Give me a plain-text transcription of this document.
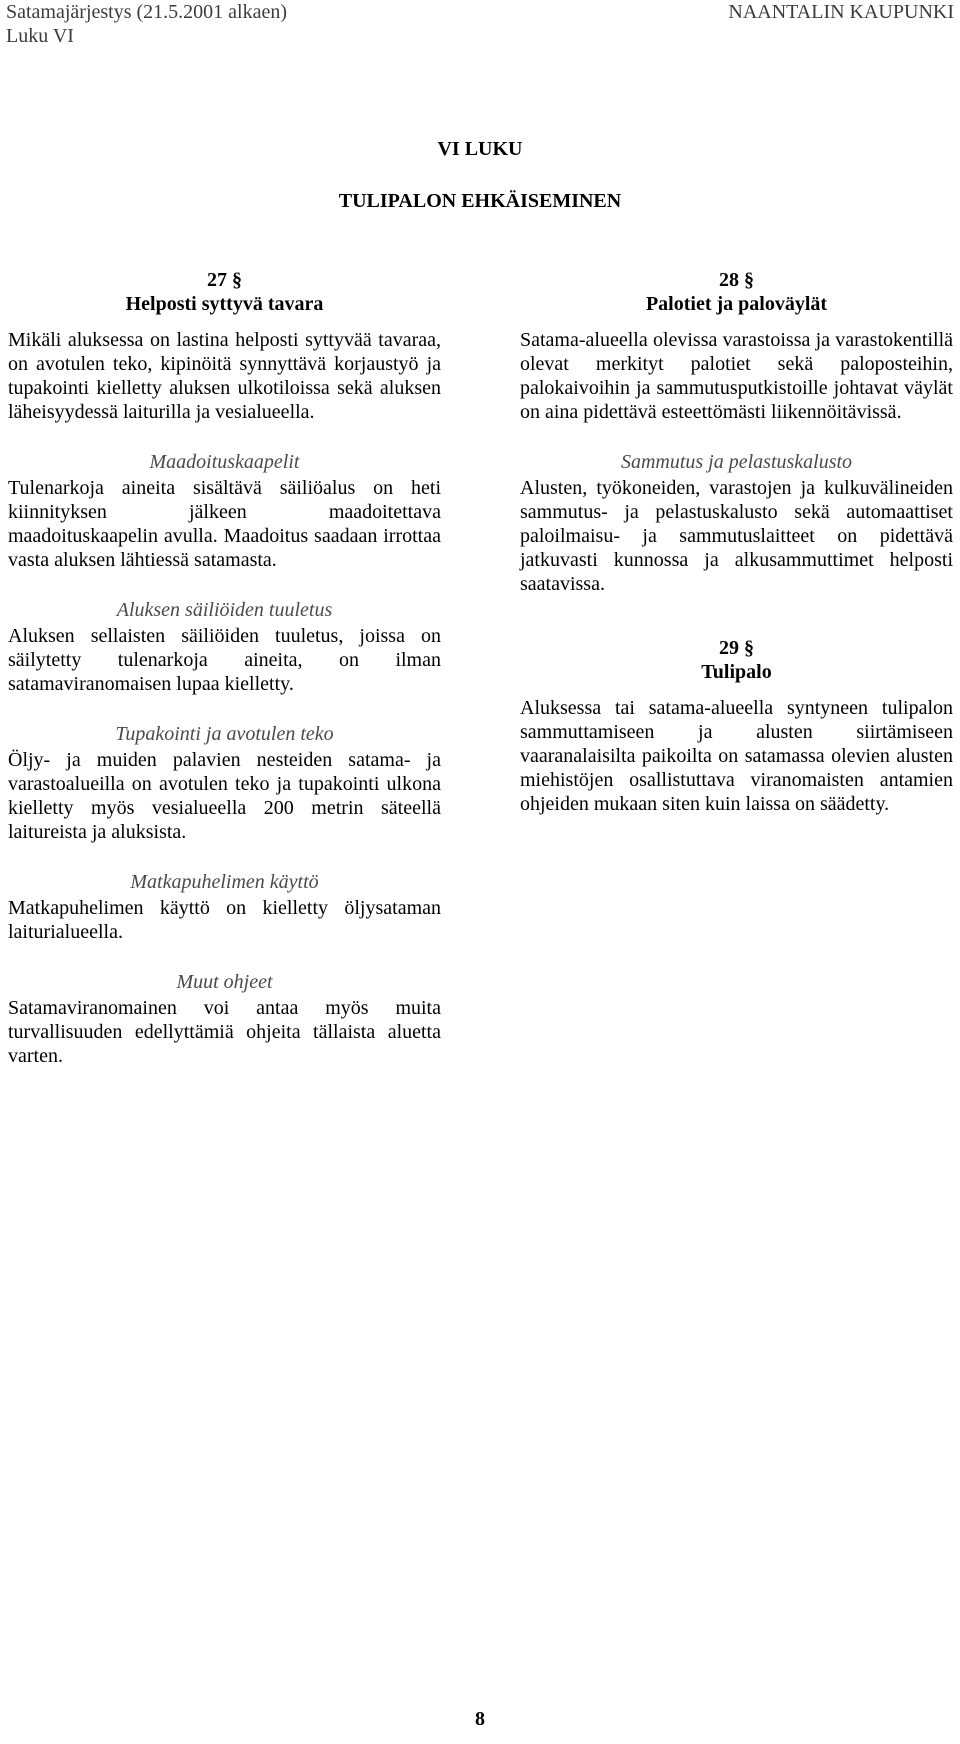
Satamajärjestys (21.5.2001 alkaen)
Luku VI
NAANTALIN KAUPUNKI
VI LUKU
TULIPALON EHKÄISEMINEN
27 §
Helposti syttyvä tavara

Mikäli aluksessa on lastina helposti syttyvää tavaraa, on avotulen teko, kipinöitä synnyttävä korjaustyö ja tupakointi kielletty aluksen ulkotiloissa sekä aluksen läheisyydessä laiturilla ja vesialueella.

Maadoituskaapelit

Tulenarkoja aineita sisältävä säiliöalus on heti kiinnityksen jälkeen maadoitettava maadoituskaapelin avulla. Maadoitus saadaan irrottaa vasta aluksen lähtiessä satamasta.

Aluksen säiliöiden tuuletus

Aluksen sellaisten säiliöiden tuuletus, joissa on säilytetty tulenarkoja aineita, on ilman satamaviranomaisen lupaa kielletty.

Tupakointi ja avotulen teko

Öljy- ja muiden palavien nesteiden satama- ja varastoalueilla on avotulen teko ja tupakointi ulkona kielletty myös vesialueella 200 metrin säteellä laitureista ja aluksista.

Matkapuhelimen käyttö

Matkapuhelimen käyttö on kielletty öljysataman laiturialueella.

Muut ohjeet

Satamaviranomainen voi antaa myös muita turvallisuuden edellyttämiä ohjeita tällaista aluetta varten.

28 §
Palotiet ja paloväylät

Satama-alueella olevissa varastoissa ja varastokentillä olevat merkityt palotiet sekä paloposteihin, palokaivoihin ja sammutusputkistoille johtavat väylät on aina pidettävä esteettömästi liikennöitävissä.

Sammutus ja pelastuskalusto

Alusten, työkoneiden, varastojen ja kulkuvälineiden sammutus- ja pelastuskalusto sekä automaattiset paloilmaisu- ja sammutuslaitteet on pidettävä jatkuvasti kunnossa ja alkusammuttimet helposti saatavissa.

29 §
Tulipalo

Aluksessa tai satama-alueella syntyneen tulipalon sammuttamiseen ja alusten siirtämiseen vaaranalaisilta paikoilta on satamassa olevien alusten miehistöjen osallistuttava viranomaisten antamien ohjeiden mukaan siten kuin laissa on säädetty.

8
